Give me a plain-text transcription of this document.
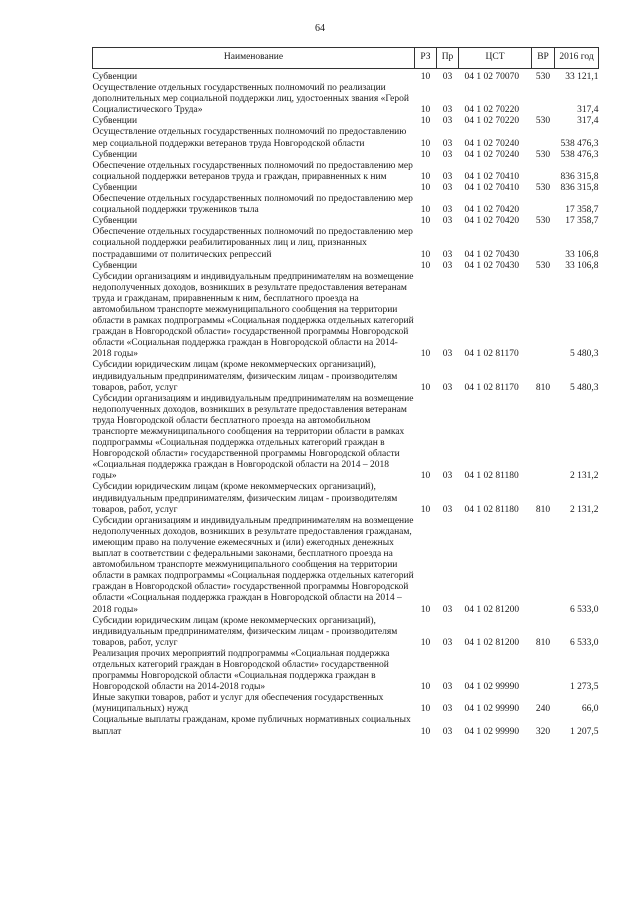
64
Наименование	РЗ	Пр	ЦСТ	ВР	2016 год
Субвенции	10	03	04 1 02 70070	530	33 121,1
Осуществление отдельных государственных полномочий по реализации дополнительных мер социальной поддержки лиц, удостоенных звания «Герой Социалистического Труда»	10	03	04 1 02 70220		317,4
Субвенции	10	03	04 1 02 70220	530	317,4
Осуществление отдельных государственных полномочий по предоставлению мер социальной поддержки ветеранов труда Новгородской области	10	03	04 1 02 70240		538 476,3
Субвенции	10	03	04 1 02 70240	530	538 476,3
Обеспечение отдельных государственных полномочий по предоставлению мер социальной поддержки ветеранов труда и граждан, приравненных к ним	10	03	04 1 02 70410		836 315,8
Субвенции	10	03	04 1 02 70410	530	836 315,8
Обеспечение отдельных государственных полномочий по предоставлению мер социальной поддержки тружеников тыла	10	03	04 1 02 70420		17 358,7
Субвенции	10	03	04 1 02 70420	530	17 358,7
Обеспечение отдельных государственных полномочий по предоставлению мер социальной поддержки реабилитированных лиц и лиц, признанных пострадавшими от политических репрессий	10	03	04 1 02 70430		33 106,8
Субвенции	10	03	04 1 02 70430	530	33 106,8
Субсидии организациям и индивидуальным предпринимателям на возмещение недополученных доходов, возникших в результате предоставления ветеранам труда и гражданам, приравненным к ним, бесплатного проезда на автомобильном транспорте межмуниципального сообщения на территории области в рамках подпрограммы «Социальная поддержка отдельных категорий граждан в Новгородской области» государственной программы Новгородской области «Социальная поддержка граждан в Новгородской области на 2014-2018 годы»	10	03	04 1 02 81170		5 480,3
Субсидии юридическим лицам (кроме некоммерческих организаций), индивидуальным предпринимателям, физическим лицам - производителям товаров, работ, услуг	10	03	04 1 02 81170	810	5 480,3
Субсидии организациям и индивидуальным предпринимателям на возмещение недополученных доходов, возникших в результате предоставления ветеранам труда Новгородской области бесплатного проезда на автомобильном транспорте межмуниципального сообщения на территории области в рамках подпрограммы «Социальная поддержка отдельных категорий граждан в Новгородской области» государственной программы Новгородской области «Социальная поддержка граждан в Новгородской области на 2014 – 2018 годы»	10	03	04 1 02 81180		2 131,2
Субсидии юридическим лицам (кроме некоммерческих организаций), индивидуальным предпринимателям, физическим лицам - производителям товаров, работ, услуг	10	03	04 1 02 81180	810	2 131,2
Субсидии организациям и индивидуальным предпринимателям на возмещение недополученных доходов, возникших в результате предоставления гражданам, имеющим право на получение ежемесячных и (или) ежегодных денежных выплат в соответствии с федеральными законами, бесплатного проезда на автомобильном транспорте межмуниципального сообщения на территории области в рамках подпрограммы «Социальная поддержка отдельных категорий граждан в Новгородской области» государственной программы Новгородской области «Социальная поддержка граждан в Новгородской области на 2014 – 2018 годы»	10	03	04 1 02 81200		6 533,0
Субсидии юридическим лицам (кроме некоммерческих организаций), индивидуальным предпринимателям, физическим лицам - производителям товаров, работ, услуг	10	03	04 1 02 81200	810	6 533,0
Реализация прочих мероприятий подпрограммы «Социальная поддержка отдельных категорий граждан в Новгородской области» государственной программы Новгородской области «Социальная поддержка граждан в Новгородской области на 2014-2018 годы»	10	03	04 1 02 99990		1 273,5
Иные закупки товаров, работ и услуг для обеспечения государственных (муниципальных) нужд	10	03	04 1 02 99990	240	66,0
Социальные выплаты гражданам, кроме публичных нормативных социальных выплат	10	03	04 1 02 99990	320	1 207,5
